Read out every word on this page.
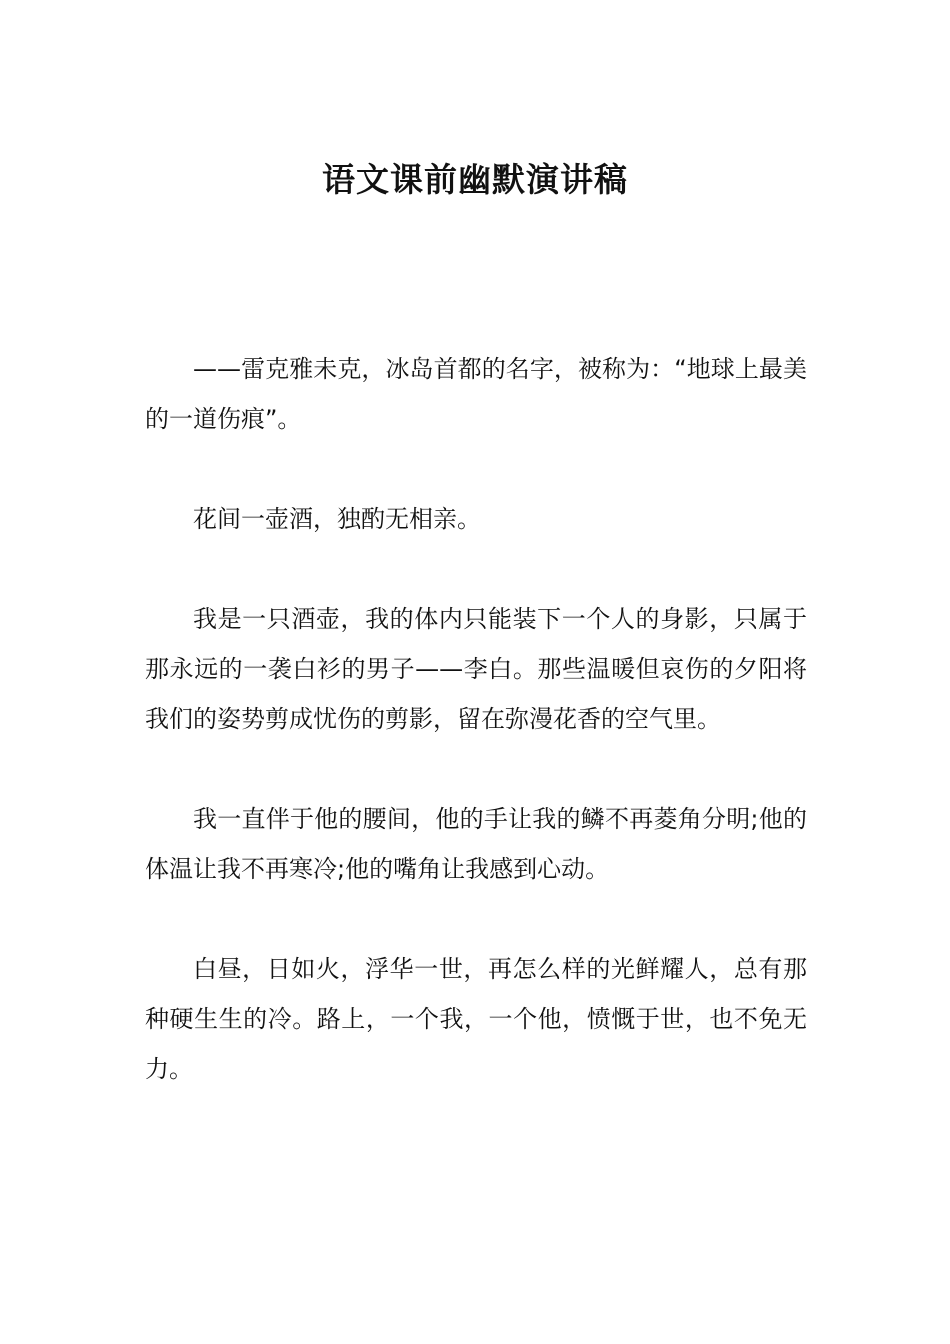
语文课前幽默演讲稿

——雷克雅未克，冰岛首都的名字，被称为：“地球上最美的一道伤痕”。

花间一壶酒，独酌无相亲。

我是一只酒壶，我的体内只能装下一个人的身影，只属于那永远的一袭白衫的男子——李白。那些温暖但哀伤的夕阳将我们的姿势剪成忧伤的剪影，留在弥漫花香的空气里。

我一直伴于他的腰间，他的手让我的鳞不再菱角分明;他的体温让我不再寒冷;他的嘴角让我感到心动。

白昼，日如火，浮华一世，再怎么样的光鲜耀人，总有那种硬生生的冷。路上，一个我，一个他，愤慨于世，也不免无力。
